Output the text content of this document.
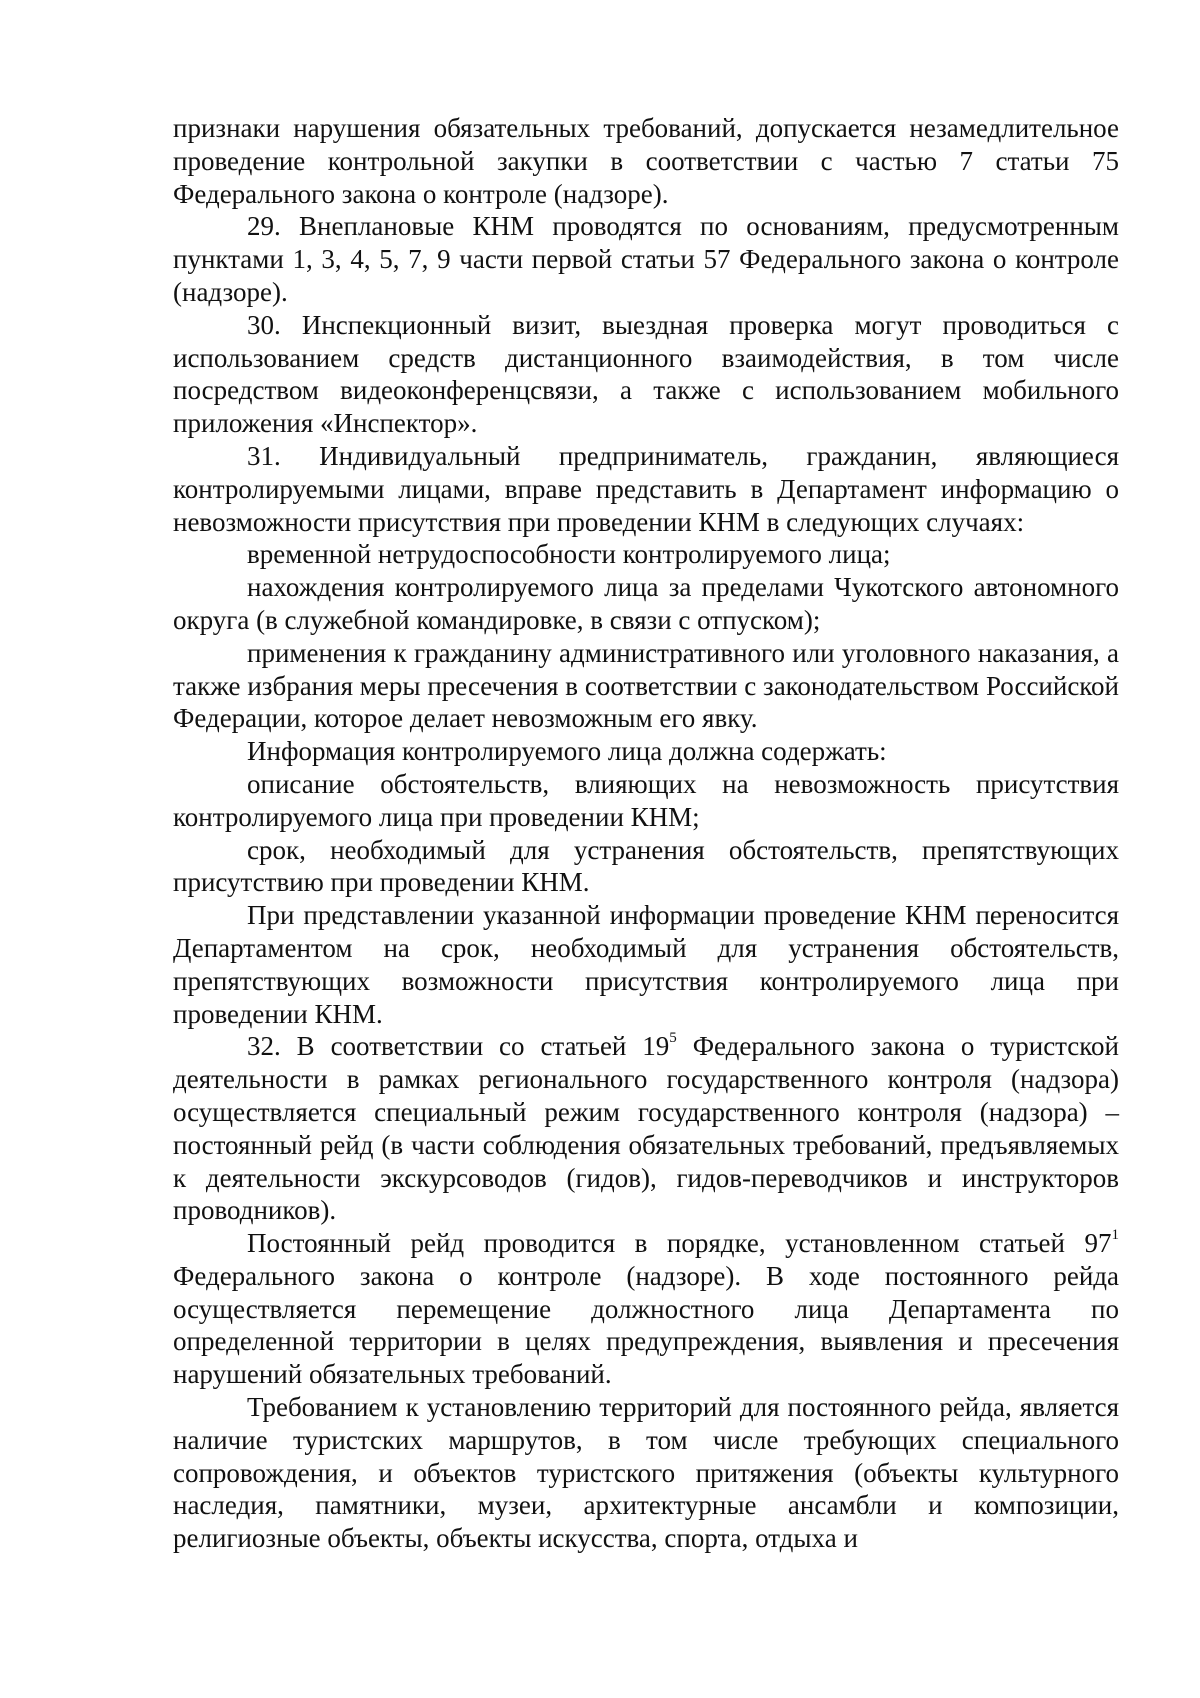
признаки нарушения обязательных требований, допускается незамедлительное проведение контрольной закупки в соответствии с частью 7 статьи 75 Федерального закона о контроле (надзоре).

29. Внеплановые КНМ проводятся по основаниям, предусмотренным пунктами 1, 3, 4, 5, 7, 9 части первой статьи 57 Федерального закона о контроле (надзоре).

30. Инспекционный визит, выездная проверка могут проводиться с использованием средств дистанционного взаимодействия, в том числе посредством видеоконференцсвязи, а также с использованием мобильного приложения «Инспектор».

31. Индивидуальный предприниматель, гражданин, являющиеся контролируемыми лицами, вправе представить в Департамент информацию о невозможности присутствия при проведении КНМ в следующих случаях:

временной нетрудоспособности контролируемого лица;

нахождения контролируемого лица за пределами Чукотского автономного округа (в служебной командировке, в связи с отпуском);

применения к гражданину административного или уголовного наказания, а также избрания меры пресечения в соответствии с законодательством Российской Федерации, которое делает невозможным его явку.

Информация контролируемого лица должна содержать:

описание обстоятельств, влияющих на невозможность присутствия контролируемого лица при проведении КНМ;

срок, необходимый для устранения обстоятельств, препятствующих присутствию при проведении КНМ.

При представлении указанной информации проведение КНМ переносится Департаментом на срок, необходимый для устранения обстоятельств, препятствующих возможности присутствия контролируемого лица при проведении КНМ.

32. В соответствии со статьей $19^5$ Федерального закона о туристской деятельности в рамках регионального государственного контроля (надзора) осуществляется специальный режим государственного контроля (надзора) – постоянный рейд (в части соблюдения обязательных требований, предъявляемых к деятельности экскурсоводов (гидов), гидов-переводчиков и инструкторов проводников).

Постоянный рейд проводится в порядке, установленном статьей $97^1$ Федерального закона о контроле (надзоре). В ходе постоянного рейда осуществляется перемещение должностного лица Департамента по определенной территории в целях предупреждения, выявления и пресечения нарушений обязательных требований.

Требованием к установлению территорий для постоянного рейда, является наличие туристских маршрутов, в том числе требующих специального сопровождения, и объектов туристского притяжения (объекты культурного наследия, памятники, музеи, архитектурные ансамбли и композиции, религиозные объекты, объекты искусства, спорта, отдыха и
